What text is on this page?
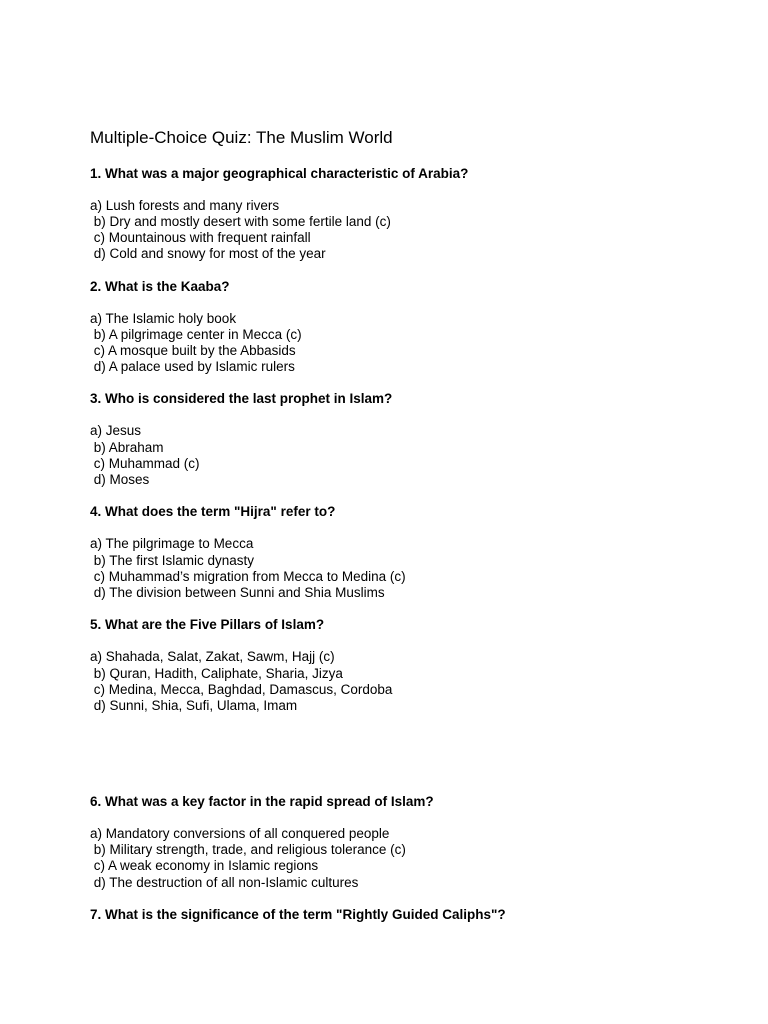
Multiple-Choice Quiz: The Muslim World
1. What was a major geographical characteristic of Arabia?
a) Lush forests and many rivers
b) Dry and mostly desert with some fertile land (c)
c) Mountainous with frequent rainfall
d) Cold and snowy for most of the year
2. What is the Kaaba?
a) The Islamic holy book
b) A pilgrimage center in Mecca (c)
c) A mosque built by the Abbasids
d) A palace used by Islamic rulers
3. Who is considered the last prophet in Islam?
a) Jesus
b) Abraham
c) Muhammad (c)
d) Moses
4. What does the term "Hijra" refer to?
a) The pilgrimage to Mecca
b) The first Islamic dynasty
c) Muhammad’s migration from Mecca to Medina (c)
d) The division between Sunni and Shia Muslims
5. What are the Five Pillars of Islam?
a) Shahada, Salat, Zakat, Sawm, Hajj (c)
b) Quran, Hadith, Caliphate, Sharia, Jizya
c) Medina, Mecca, Baghdad, Damascus, Cordoba
d) Sunni, Shia, Sufi, Ulama, Imam
6. What was a key factor in the rapid spread of Islam?
a) Mandatory conversions of all conquered people
b) Military strength, trade, and religious tolerance (c)
c) A weak economy in Islamic regions
d) The destruction of all non-Islamic cultures
7. What is the significance of the term "Rightly Guided Caliphs"?
